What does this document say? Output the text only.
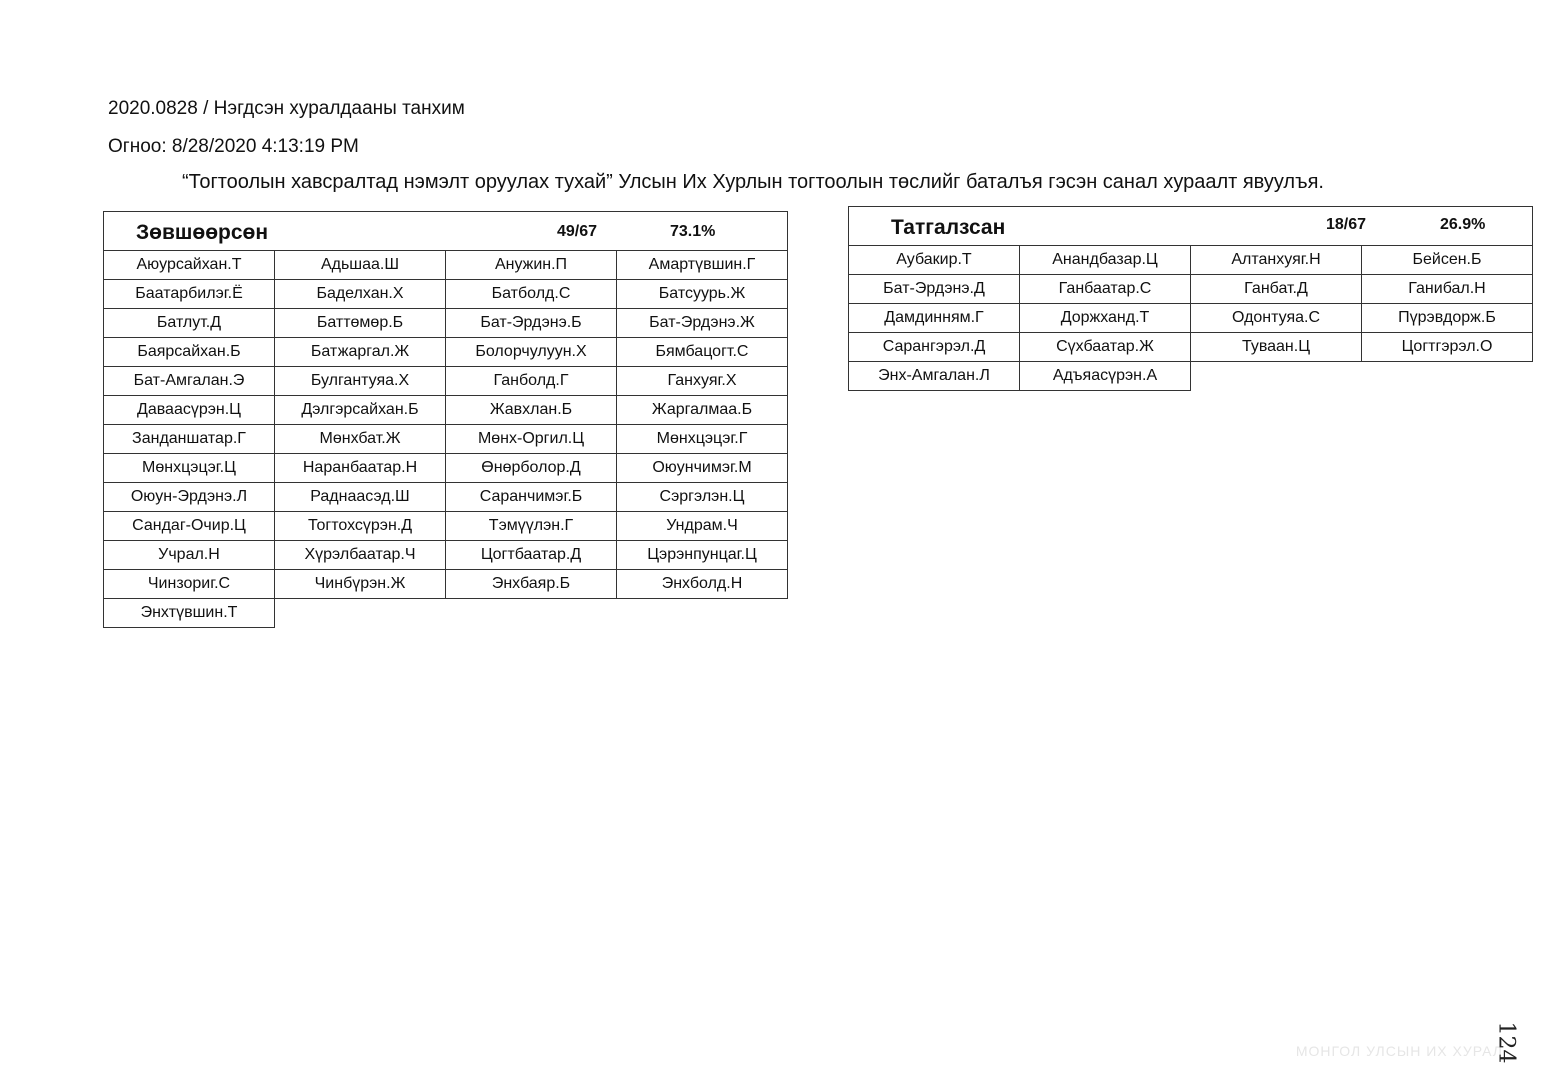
2020.0828 / Нэгдсэн хуралдааны танхим
Огноо: 8/28/2020 4:13:19 PM
“Тогтоолын хавсралтад нэмэлт оруулах тухай” Улсын Их Хурлын тогтоолын төслийг баталъя гэсэн санал хураалт явуулъя.
Зөвшөөрсөн 49/67 73.1%			

Аюурсайхан.Т	Адьшаа.Ш	Анужин.П	Амартүвшин.Г
Баатарбилэг.Ё	Баделхан.Х	Батболд.С	Батсуурь.Ж
Батлут.Д	Баттөмөр.Б	Бат-Эрдэнэ.Б	Бат-Эрдэнэ.Ж
Баярсайхан.Б	Батжаргал.Ж	Болорчулуун.Х	Бямбацогт.С
Бат-Амгалан.Э	Булгантуяа.Х	Ганболд.Г	Ганхуяг.Х
Даваасүрэн.Ц	Дэлгэрсайхан.Б	Жавхлан.Б	Жаргалмаа.Б
Занданшатар.Г	Мөнхбат.Ж	Мөнх-Оргил.Ц	Мөнхцэцэг.Г
Мөнхцэцэг.Ц	Наранбаатар.Н	Өнөрболор.Д	Оюунчимэг.М
Оюун-Эрдэнэ.Л	Раднаасэд.Ш	Саранчимэг.Б	Сэргэлэн.Ц
Сандаг-Очир.Ц	Тогтохсүрэн.Д	Тэмүүлэн.Г	Ундрам.Ч
Учрал.Н	Хүрэлбаатар.Ч	Цогтбаатар.Д	Цэрэнпунцаг.Ц
Чинзориг.С	Чинбүрэн.Ж	Энхбаяр.Б	Энхболд.Н
Энхтүвшин.Т			
Татгалзсан 18/67 26.9%			

Аубакир.Т	Анандбазар.Ц	Алтанхуяг.Н	Бейсен.Б
Бат-Эрдэнэ.Д	Ганбаатар.С	Ганбат.Д	Ганибал.Н
Дамдинням.Г	Доржханд.Т	Одонтуяа.С	Пүрэвдорж.Б
Сарангэрэл.Д	Сүхбаатар.Ж	Туваан.Ц	Цогтгэрэл.О
Энх-Амгалан.Л	Адъяасүрэн.А		
МОНГОЛ УЛСЫН ИХ ХУРАЛ
124
